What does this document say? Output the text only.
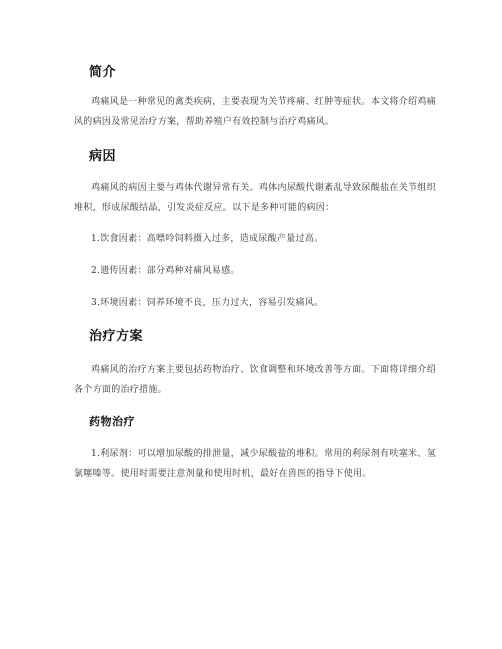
简介

鸡痛风是一种常见的禽类疾病，主要表现为关节疼痛、红肿等症状。本文将介绍鸡痛风的病因及常见治疗方案，帮助养殖户有效控制与治疗鸡痛风。

病因

鸡痛风的病因主要与鸡体代谢异常有关。鸡体内尿酸代谢紊乱导致尿酸盐在关节组织堆积，形成尿酸结晶，引发炎症反应。以下是多种可能的病因：

1.饮食因素：高嘌呤饲料摄入过多，造成尿酸产量过高。

2.遗传因素：部分鸡种对痛风易感。

3.环境因素：饲养环境不良，压力过大，容易引发痛风。

治疗方案

鸡痛风的治疗方案主要包括药物治疗、饮食调整和环境改善等方面。下面将详细介绍各个方面的治疗措施。

药物治疗

1.利尿剂：可以增加尿酸的排泄量，减少尿酸盐的堆积。常用的利尿剂有呋塞米、氢氯噻嗪等。使用时需要注意剂量和使用时机，最好在兽医的指导下使用。
